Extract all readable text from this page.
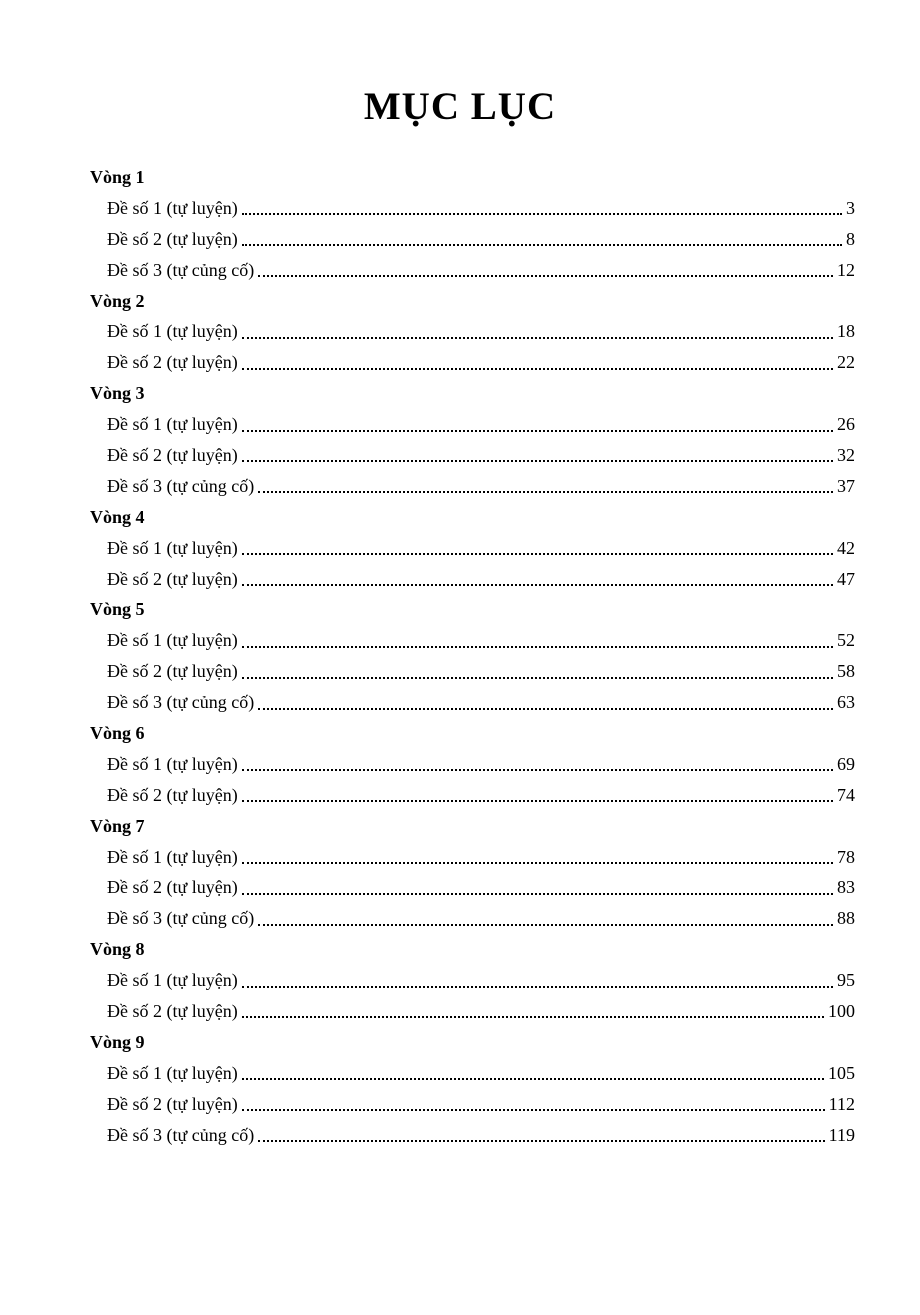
MỤC LỤC
Vòng 1
Đề số 1 (tự luyện)	3
Đề số 2 (tự luyện)	8
Đề số 3 (tự củng cố)	12
Vòng 2
Đề số 1 (tự luyện)	18
Đề số 2 (tự luyện)	22
Vòng 3
Đề số 1 (tự luyện)	26
Đề số 2 (tự luyện)	32
Đề số 3 (tự củng cố)	37
Vòng 4
Đề số 1 (tự luyện)	42
Đề số 2 (tự luyện)	47
Vòng 5
Đề số 1 (tự luyện)	52
Đề số 2 (tự luyện)	58
Đề số 3 (tự củng cố)	63
Vòng 6
Đề số 1 (tự luyện)	69
Đề số 2 (tự luyện)	74
Vòng 7
Đề số 1 (tự luyện)	78
Đề số 2 (tự luyện)	83
Đề số 3 (tự củng cố)	88
Vòng 8
Đề số 1 (tự luyện)	95
Đề số 2 (tự luyện)	100
Vòng 9
Đề số 1 (tự luyện)	105
Đề số 2 (tự luyện)	112
Đề số 3 (tự củng cố)	119
